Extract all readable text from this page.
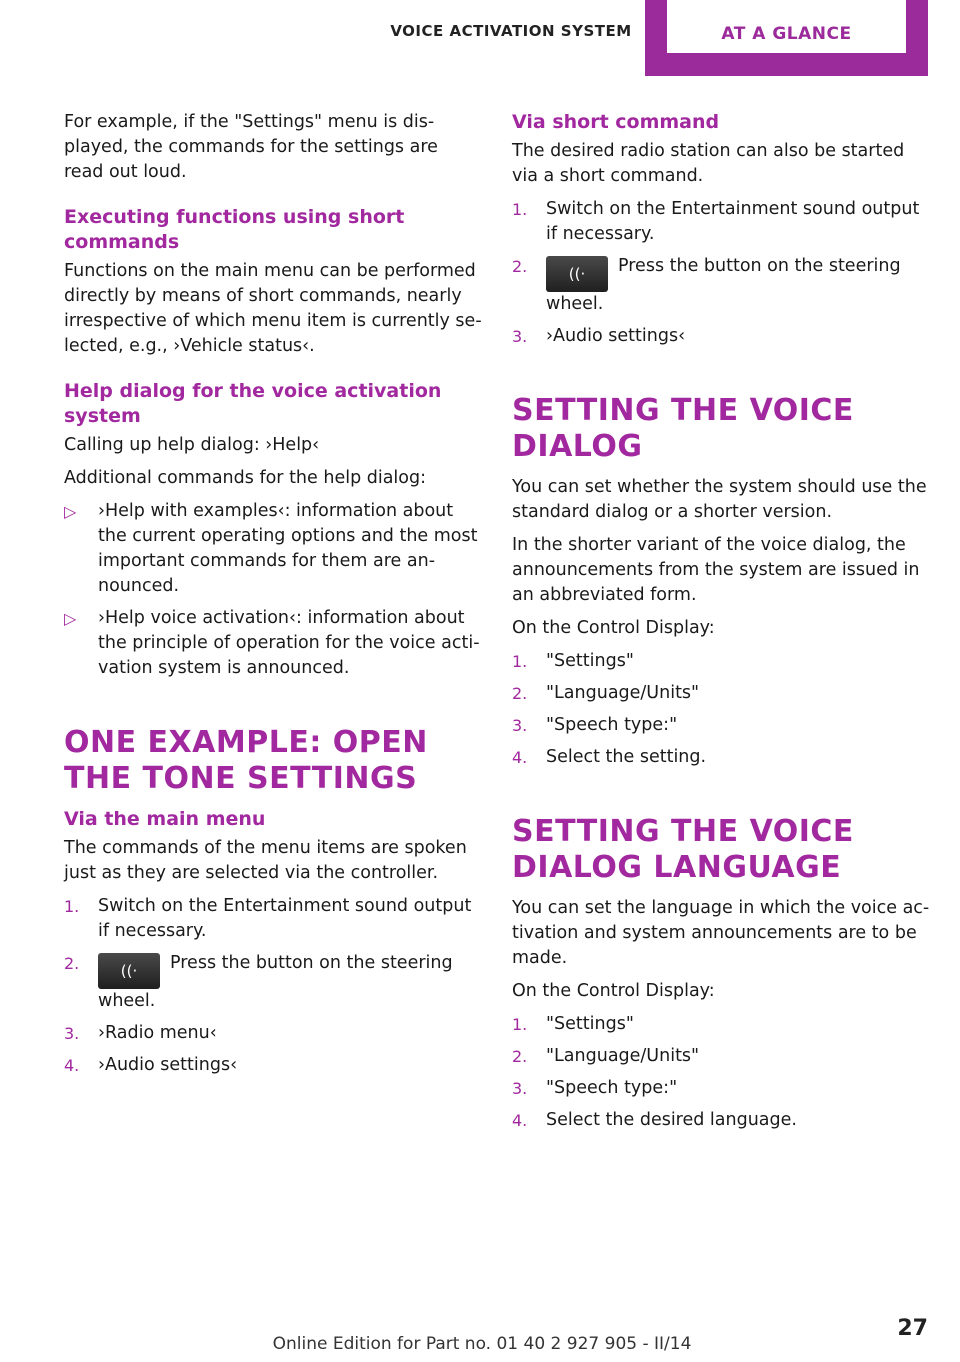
VOICE ACTIVATION SYSTEM	AT A GLANCE

For example, if the "Settings" menu is displayed, the commands for the settings are read out loud.

Executing functions using short commands

Functions on the main menu can be performed directly by means of short commands, nearly irrespective of which menu item is currently selected, e.g., ›Vehicle status‹.

Help dialog for the voice activation system

Calling up help dialog: ›Help‹

Additional commands for the help dialog:

▷ ›Help with examples‹: information about the current operating options and the most important commands for them are announced.
▷ ›Help voice activation‹: information about the principle of operation for the voice activation system is announced.
ONE EXAMPLE: OPEN THE TONE SETTINGS
Via the main menu

The commands of the menu items are spoken just as they are selected via the controller.

1. Switch on the Entertainment sound output if necessary.
2.	((· Press the button on the steering wheel.
3. ›Radio menu‹
4. ›Audio settings‹
Via short command

The desired radio station can also be started via a short command.

1. Switch on the Entertainment sound output if necessary.
2.	((· Press the button on the steering wheel.
3. ›Audio settings‹
SETTING THE VOICE DIALOG

You can set whether the system should use the standard dialog or a shorter version.

In the shorter variant of the voice dialog, the announcements from the system are issued in an abbreviated form.

On the Control Display:

1. "Settings"
2. "Language/Units"
3. "Speech type:"
4. Select the setting.
SETTING THE VOICE DIALOG LANGUAGE

You can set the language in which the voice activation and system announcements are to be made.

On the Control Display:

1. "Settings"
2. "Language/Units"
3. "Speech type:"
4. Select the desired language.
27
Online Edition for Part no. 01 40 2 927 905 - II/14
